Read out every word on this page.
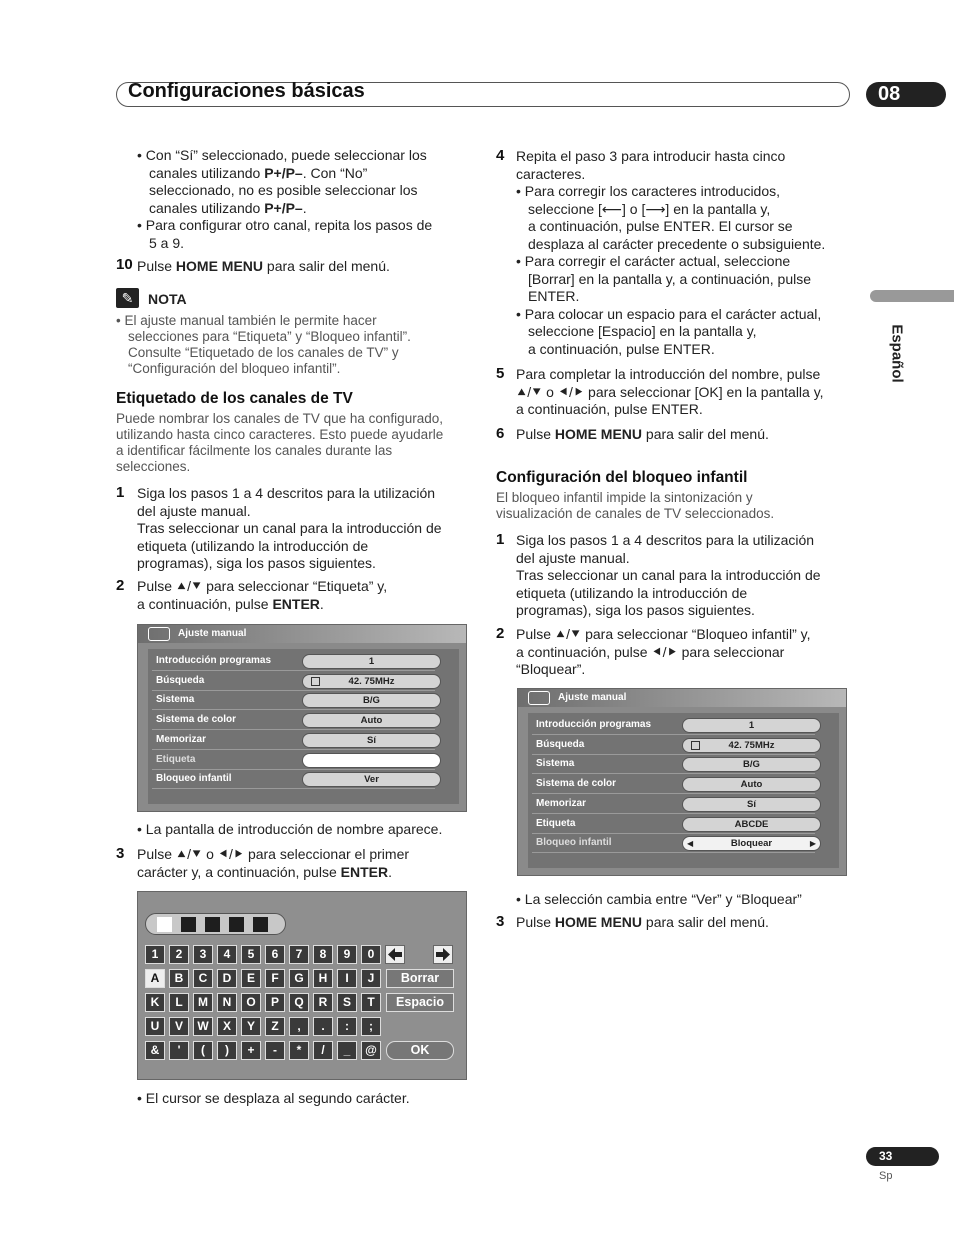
Configuraciones básicas	08
Español
• Con “Sí” seleccionado, puede seleccionar los
canales utilizando P+/P–. Con “No”
seleccionado, no es posible seleccionar los
canales utilizando P+/P–.
• Para configurar otro canal, repita los pasos de
5 a 9.
10 Pulse HOME MENU para salir del menú.
✎	NOTA
• El ajuste manual también le permite hacer
selecciones para “Etiqueta” y “Bloqueo infantil”.
Consulte “Etiquetado de los canales de TV” y
“Configuración del bloqueo infantil”.
Etiquetado de los canales de TV
Puede nombrar los canales de TV que ha configurado,
utilizando hasta cinco caracteres. Esto puede ayudarle
a identificar fácilmente los canales durante las
selecciones.
1 Siga los pasos 1 a 4 descritos para la utilización
del ajuste manual.
Tras seleccionar un canal para la introducción de
etiqueta (utilizando la introducción de
programas), siga los pasos siguientes.
2 Pulse ⯅/⯆ para seleccionar “Etiqueta” y,
a continuación, pulse ENTER.
Ajuste manual
Introducción programas	1
Búsqueda	42. 75MHz
Sistema	B/G
Sistema de color	Auto
Memorizar	Sí
Etiqueta
Bloqueo infantil	Ver
• La pantalla de introducción de nombre aparece.
3 Pulse ⯅/⯆ o ⯇/⯈ para seleccionar el primer
carácter y, a continuación, pulse ENTER.
1	2	3	4	5	6	7	8	9	0
A	B	C	D	E	F	G	H	I	J
K	L	M	N	O	P	Q	R	S	T
U	V	W	X	Y	Z	,	.	:	;
&	'	(	)	+	-	*	/	_	@
Borrar
Espacio
OK
• El cursor se desplaza al segundo carácter.
4 Repita el paso 3 para introducir hasta cinco
caracteres.
• Para corregir los caracteres introducidos,
seleccione [⟵] o [⟶] en la pantalla y,
a continuación, pulse ENTER. El cursor se
desplaza al carácter precedente o subsiguiente.
• Para corregir el carácter actual, seleccione
[Borrar] en la pantalla y, a continuación, pulse
ENTER.
• Para colocar un espacio para el carácter actual,
seleccione [Espacio] en la pantalla y,
a continuación, pulse ENTER.
5 Para completar la introducción del nombre, pulse
⯅/⯆ o ⯇/⯈ para seleccionar [OK] en la pantalla y,
a continuación, pulse ENTER.
6 Pulse HOME MENU para salir del menú.
Configuración del bloqueo infantil
El bloqueo infantil impide la sintonización y
visualización de canales de TV seleccionados.
1 Siga los pasos 1 a 4 descritos para la utilización
del ajuste manual.
Tras seleccionar un canal para la introducción de
etiqueta (utilizando la introducción de
programas), siga los pasos siguientes.
2 Pulse ⯅/⯆ para seleccionar “Bloqueo infantil” y,
a continuación, pulse ⯇/⯈ para seleccionar
“Bloquear”.
Ajuste manual
Introducción programas	1
Búsqueda	42. 75MHz
Sistema	B/G
Sistema de color	Auto
Memorizar	Sí
Etiqueta	ABCDE
Bloqueo infantil	Bloquear
◀	▶
• La selección cambia entre “Ver” y “Bloquear”
3 Pulse HOME MENU para salir del menú.
33
Sp
